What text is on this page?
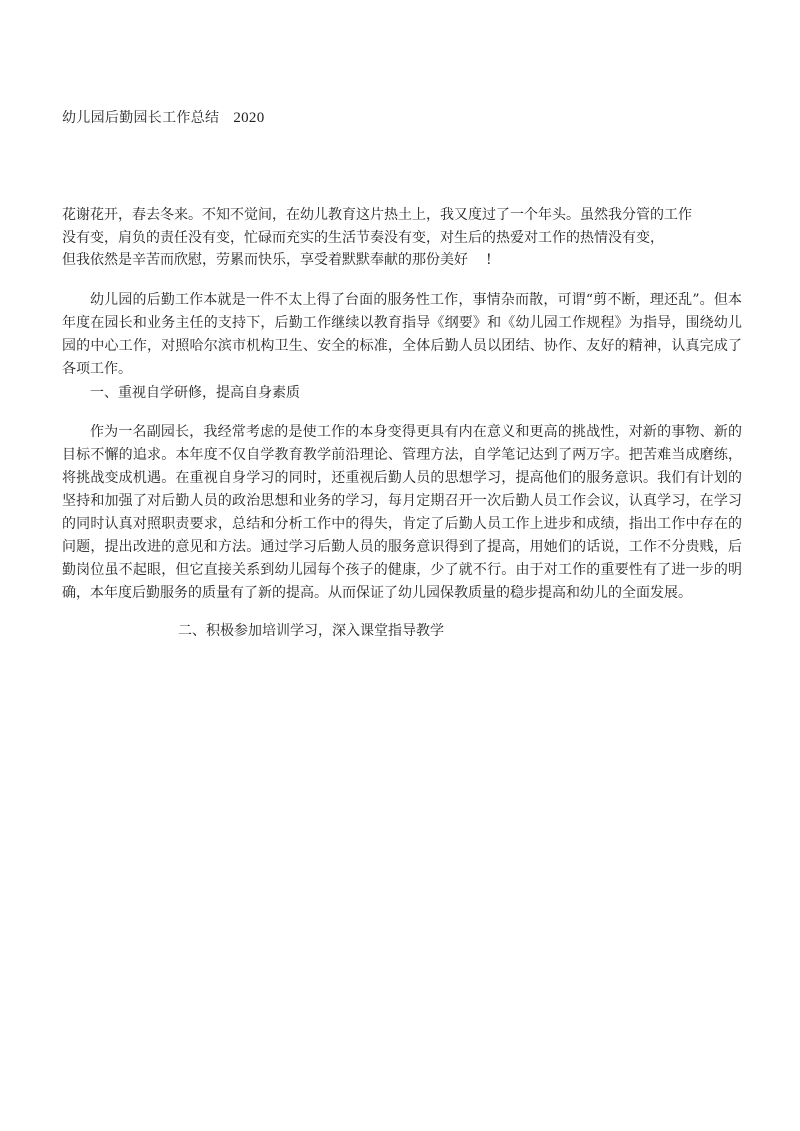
幼儿园后勤园长工作总结 2020
花谢花开，春去冬来。不知不觉间，在幼儿教育这片热土上，我又度过了一个年头。虽然我分管的工作
没有变，肩负的责任没有变，忙碌而充实的生活节奏没有变，对生后的热爱对工作的热情没有变，
但我依然是辛苦而欣慰，劳累而快乐，享受着默默奉献的那份美好 !
幼儿园的后勤工作本就是一件不太上得了台面的服务性工作，事情杂而散，可谓“剪不断，理还乱”。但本年度在园长和业务主任的支持下，后勤工作继续以教育指导《纲要》和《幼儿园工作规程》为指导，围绕幼儿园的中心工作，对照哈尔滨市机构卫生、安全的标准，全体后勤人员以团结、协作、友好的精神，认真完成了各项工作。
一、重视自学研修，提高自身素质
作为一名副园长，我经常考虑的是使工作的本身变得更具有内在意义和更高的挑战性，对新的事物、新的目标不懈的追求。本年度不仅自学教育教学前沿理论、管理方法，自学笔记达到了两万字。把苦难当成磨练，将挑战变成机遇。在重视自身学习的同时，还重视后勤人员的思想学习，提高他们的服务意识。我们有计划的坚持和加强了对后勤人员的政治思想和业务的学习，每月定期召开一次后勤人员工作会议，认真学习，在学习的同时认真对照职责要求，总结和分析工作中的得失，肯定了后勤人员工作上进步和成绩，指出工作中存在的问题，提出改进的意见和方法。通过学习后勤人员的服务意识得到了提高，用她们的话说，工作不分贵贱，后勤岗位虽不起眼，但它直接关系到幼儿园每个孩子的健康，少了就不行。由于对工作的重要性有了进一步的明确，本年度后勤服务的质量有了新的提高。从而保证了幼儿园保教质量的稳步提高和幼儿的全面发展。
二、积极参加培训学习，深入课堂指导教学
